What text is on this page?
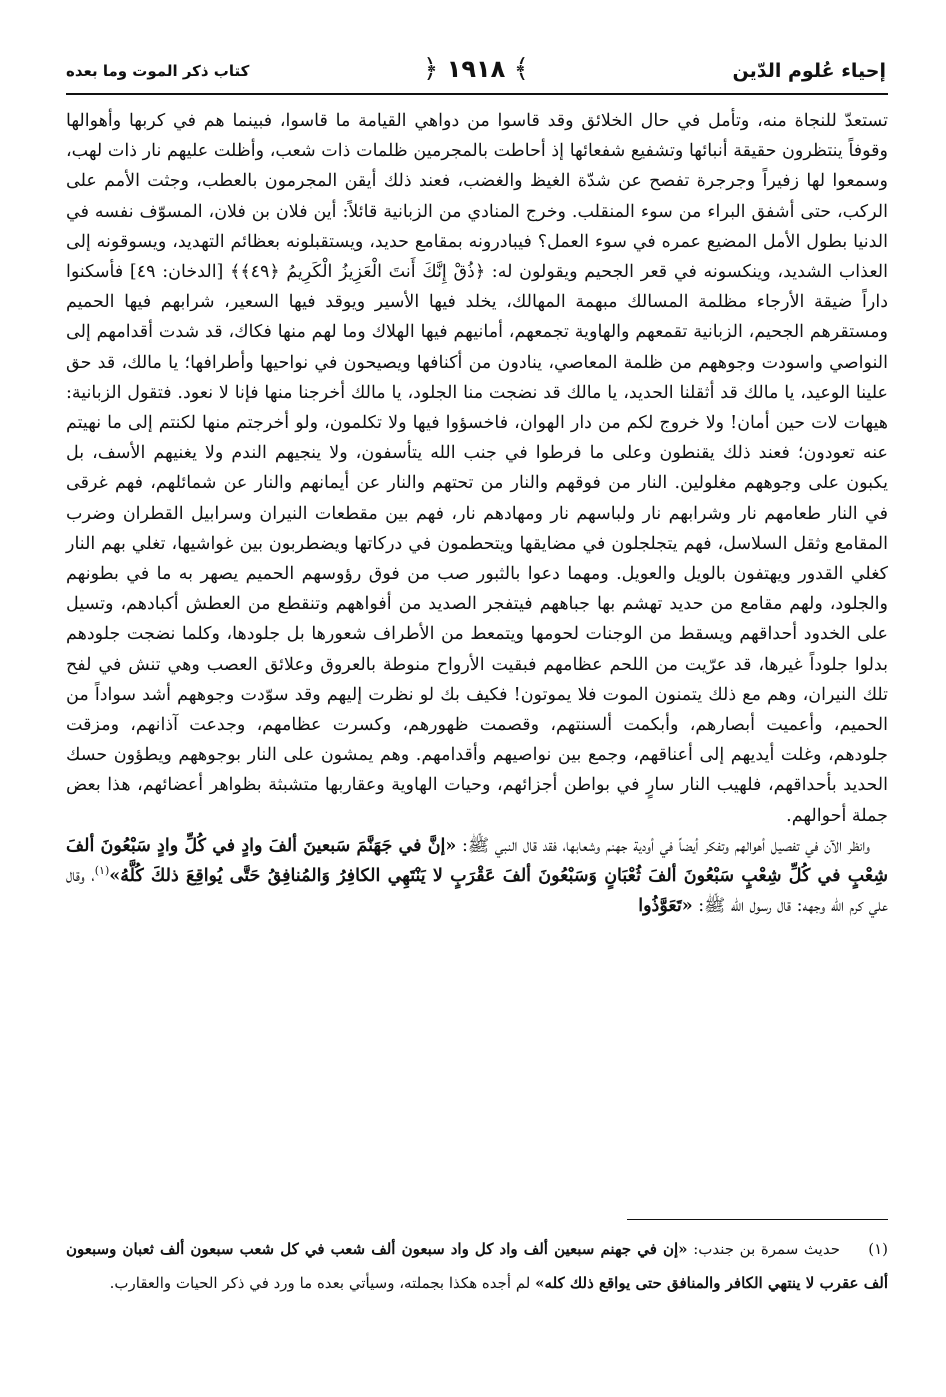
إحياء عُلوم الدّين
﴿ ١٩١٨ ﴾
كتاب ذكر الموت وما بعده

تستعدّ للنجاة منه، وتأمل في حال الخلائق وقد قاسوا من دواهي القيامة ما قاسوا، فبينما هم في كربها وأهوالها وقوفاً ينتظرون حقيقة أنبائها وتشفيع شفعائها إذ أحاطت بالمجرمين ظلمات ذات شعب، وأظلت عليهم نار ذات لهب، وسمعوا لها زفيراً وجرجرة تفصح عن شدّة الغيظ والغضب، فعند ذلك أيقن المجرمون بالعطب، وجثت الأمم على الركب، حتى أشفق البراء من سوء المنقلب. وخرج المنادي من الزبانية قائلاً: أين فلان بن فلان، المسوّف نفسه في الدنيا بطول الأمل المضيع عمره في سوء العمل؟ فيبادرونه بمقامع حديد، ويستقبلونه بعظائم التهديد، ويسوقونه إلى العذاب الشديد، وينكسونه في قعر الجحيم ويقولون له: ﴿ذُقْ إِنَّكَ أَنتَ الْعَزِيزُ الْكَرِيمُ ﴿٤٩﴾﴾ [الدخان: ٤٩] فأسكنوا داراً ضيقة الأرجاء مظلمة المسالك مبهمة المهالك، يخلد فيها الأسير ويوقد فيها السعير، شرابهم فيها الحميم ومستقرهم الجحيم، الزبانية تقمعهم والهاوية تجمعهم، أمانيهم فيها الهلاك وما لهم منها فكاك، قد شدت أقدامهم إلى النواصي واسودت وجوههم من ظلمة المعاصي، ينادون من أكنافها ويصيحون في نواحيها وأطرافها؛ يا مالك، قد حق علينا الوعيد، يا مالك قد أثقلنا الحديد، يا مالك قد نضجت منا الجلود، يا مالك أخرجنا منها فإنا لا نعود. فتقول الزبانية: هيهات لات حين أمان! ولا خروج لكم من دار الهوان، فاخسؤوا فيها ولا تكلمون، ولو أخرجتم منها لكنتم إلى ما نهيتم عنه تعودون؛ فعند ذلك يقنطون وعلى ما فرطوا في جنب الله يتأسفون، ولا ينجيهم الندم ولا يغنيهم الأسف، بل يكبون على وجوههم مغلولين. النار من فوقهم والنار من تحتهم والنار عن أيمانهم والنار عن شمائلهم، فهم غرقى في النار طعامهم نار وشرابهم نار ولباسهم نار ومهادهم نار، فهم بين مقطعات النيران وسرابيل القطران وضرب المقامع وثقل السلاسل، فهم يتجلجلون في مضايقها ويتحطمون في دركاتها ويضطربون بين غواشيها، تغلي بهم النار كغلي القدور ويهتفون بالويل والعويل. ومهما دعوا بالثبور صب من فوق رؤوسهم الحميم يصهر به ما في بطونهم والجلود، ولهم مقامع من حديد تهشم بها جباههم فيتفجر الصديد من أفواههم وتنقطع من العطش أكبادهم، وتسيل على الخدود أحداقهم ويسقط من الوجنات لحومها ويتمعط من الأطراف شعورها بل جلودها، وكلما نضجت جلودهم بدلوا جلوداً غيرها، قد عرّيت من اللحم عظامهم فبقيت الأرواح منوطة بالعروق وعلائق العصب وهي تنش في لفح تلك النيران، وهم مع ذلك يتمنون الموت فلا يموتون! فكيف بك لو نظرت إليهم وقد سوّدت وجوههم أشد سواداً من الحميم، وأعميت أبصارهم، وأبكمت ألسنتهم، وقصمت ظهورهم، وكسرت عظامهم، وجدعت آذانهم، ومزقت جلودهم، وغلت أيديهم إلى أعناقهم، وجمع بين نواصيهم وأقدامهم. وهم يمشون على النار بوجوههم ويطؤون حسك الحديد بأحداقهم، فلهيب النار سارٍ في بواطن أجزائهم، وحيات الهاوية وعقاربها متشبثة بظواهر أعضائهم، هذا بعض جملة أحوالهم.

وانظر الآن في تفصيل أهوالهم وتفكر أيضاً في أودية جهنم وشعابها، فقد قال النبي ﷺ: «إنَّ في جَهَنَّمَ سَبعينَ ألفَ وادٍ في كُلِّ وادٍ سَبْعُونَ ألفَ شِعْبٍ في كُلِّ شِعْبٍ سَبْعُونَ ألفَ ثُعْبَانٍ وَسَبْعُونَ ألفَ عَقْرَبٍ لا يَنْتَهِي الكافِرُ وَالمُنافِقُ حَتَّى يُواقِعَ ذلكَ كُلَّهُ»$^{(١)}$، وقال علي كرم الله وجهه: قال رسول الله ﷺ: «تَعَوَّذُوا

(١)حديث سمرة بن جندب: «إن في جهنم سبعين ألف واد كل واد سبعون ألف شعب في كل شعب سبعون ألف ثعبان وسبعون ألف عقرب لا ينتهي الكافر والمنافق حتى يواقع ذلك كله» لم أجده هكذا بجملته، وسيأتي بعده ما ورد في ذكر الحيات والعقارب.
